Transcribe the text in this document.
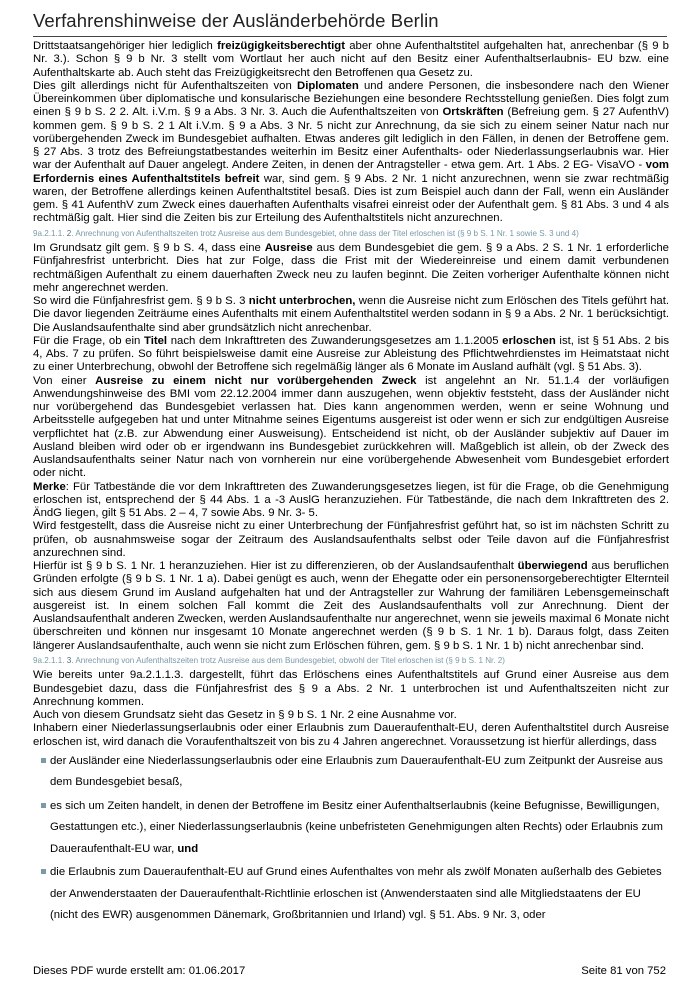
Verfahrenshinweise der Ausländerbehörde Berlin

Drittstaatsangehöriger hier lediglich freizügigkeitsberechtigt aber ohne Aufenthaltstitel aufgehalten hat, anrechenbar (§ 9 b Nr. 3.). Schon § 9 b Nr. 3 stellt vom Wortlaut her auch nicht auf den Besitz einer Aufenthaltserlaubnis- EU bzw. eine Aufenthaltskarte ab. Auch steht das Freizügigkeitsrecht den Betroffenen qua Gesetz zu.

Dies gilt allerdings nicht für Aufenthaltszeiten von Diplomaten und andere Personen, die insbesondere nach den Wiener Übereinkommen über diplomatische und konsularische Beziehungen eine besondere Rechtsstellung genießen. Dies folgt zum einen § 9 b S. 2 2. Alt. i.V.m. § 9 a Abs. 3 Nr. 3. Auch die Aufenthaltszeiten von Ortskräften (Befreiung gem. § 27 AufenthV) kommen gem. § 9 b S. 2 1 Alt i.V.m. § 9 a Abs. 3 Nr. 5 nicht zur Anrechnung, da sie sich zu einem seiner Natur nach nur vorübergehenden Zweck im Bundesgebiet aufhalten. Etwas anderes gilt lediglich in den Fällen, in denen der Betroffene gem. § 27 Abs. 3 trotz des Befreiungstatbestandes weiterhin im Besitz einer Aufenthalts- oder Niederlassungserlaubnis war. Hier war der Aufenthalt auf Dauer angelegt. Andere Zeiten, in denen der Antragsteller - etwa gem. Art. 1 Abs. 2 EG- VisaVO - vom Erfordernis eines Aufenthaltstitels befreit war, sind gem. § 9 Abs. 2 Nr. 1 nicht anzurechnen, wenn sie zwar rechtmäßig waren, der Betroffene allerdings keinen Aufenthaltstitel besaß. Dies ist zum Beispiel auch dann der Fall, wenn ein Ausländer gem. § 41 AufenthV zum Zweck eines dauerhaften Aufenthalts visafrei einreist oder der Aufenthalt gem. § 81 Abs. 3 und 4 als rechtmäßig galt. Hier sind die Zeiten bis zur Erteilung des Aufenthaltstitels nicht anzurechnen.

9a.2.1.1. 2. Anrechnung von Aufenthaltszeiten trotz Ausreise aus dem Bundesgebiet, ohne dass der Titel erloschen ist (§ 9 b S. 1 Nr. 1 sowie S. 3 und 4)

Im Grundsatz gilt gem. § 9 b S. 4, dass eine Ausreise aus dem Bundesgebiet die gem. § 9 a Abs. 2 S. 1 Nr. 1 erforderliche Fünfjahresfrist unterbricht. Dies hat zur Folge, dass die Frist mit der Wiedereinreise und einem damit verbundenen rechtmäßigen Aufenthalt zu einem dauerhaften Zweck neu zu laufen beginnt. Die Zeiten vorheriger Aufenthalte können nicht mehr angerechnet werden.

So wird die Fünfjahresfrist gem. § 9 b S. 3 nicht unterbrochen, wenn die Ausreise nicht zum Erlöschen des Titels geführt hat. Die davor liegenden Zeiträume eines Aufenthalts mit einem Aufenthaltstitel werden sodann in § 9 a Abs. 2 Nr. 1 berücksichtigt. Die Auslandsaufenthalte sind aber grundsätzlich nicht anrechenbar.

Für die Frage, ob ein Titel nach dem Inkrafttreten des Zuwanderungsgesetzes am 1.1.2005 erloschen ist, ist § 51 Abs. 2 bis 4, Abs. 7 zu prüfen. So führt beispielsweise damit eine Ausreise zur Ableistung des Pflichtwehrdienstes im Heimatstaat nicht zu einer Unterbrechung, obwohl der Betroffene sich regelmäßig länger als 6 Monate im Ausland aufhält (vgl. § 51 Abs. 3).

Von einer Ausreise zu einem nicht nur vorübergehenden Zweck ist angelehnt an Nr. 51.1.4 der vorläufigen Anwendungshinweise des BMI vom 22.12.2004 immer dann auszugehen, wenn objektiv feststeht, dass der Ausländer nicht nur vorübergehend das Bundesgebiet verlassen hat. Dies kann angenommen werden, wenn er seine Wohnung und Arbeitsstelle aufgegeben hat und unter Mitnahme seines Eigentums ausgereist ist oder wenn er sich zur endgültigen Ausreise verpflichtet hat (z.B. zur Abwendung einer Ausweisung). Entscheidend ist nicht, ob der Ausländer subjektiv auf Dauer im Ausland bleiben wird oder ob er irgendwann ins Bundesgebiet zurückkehren will. Maßgeblich ist allein, ob der Zweck des Auslandsaufenthalts seiner Natur nach von vornherein nur eine vorübergehende Abwesenheit vom Bundesgebiet erfordert oder nicht.

Merke: Für Tatbestände die vor dem Inkrafttreten des Zuwanderungsgesetzes liegen, ist für die Frage, ob die Genehmigung erloschen ist, entsprechend der § 44 Abs. 1 a -3 AuslG heranzuziehen. Für Tatbestände, die nach dem Inkrafttreten des 2. ÄndG liegen, gilt § 51 Abs. 2 – 4, 7 sowie Abs. 9 Nr. 3- 5.

Wird festgestellt, dass die Ausreise nicht zu einer Unterbrechung der Fünfjahresfrist geführt hat, so ist im nächsten Schritt zu prüfen, ob ausnahmsweise sogar der Zeitraum des Auslandsaufenthalts selbst oder Teile davon auf die Fünfjahresfrist anzurechnen sind.

Hierfür ist § 9 b S. 1 Nr. 1 heranzuziehen. Hier ist zu differenzieren, ob der Auslandsaufenthalt überwiegend aus beruflichen Gründen erfolgte (§ 9 b S. 1 Nr. 1 a). Dabei genügt es auch, wenn der Ehegatte oder ein personensorgeberechtigter Elternteil sich aus diesem Grund im Ausland aufgehalten hat und der Antragsteller zur Wahrung der familiären Lebensgemeinschaft ausgereist ist. In einem solchen Fall kommt die Zeit des Auslandsaufenthalts voll zur Anrechnung. Dient der Auslandsaufenthalt anderen Zwecken, werden Auslandsaufenthalte nur angerechnet, wenn sie jeweils maximal 6 Monate nicht überschreiten und können nur insgesamt 10 Monate angerechnet werden (§ 9 b S. 1 Nr. 1 b). Daraus folgt, dass Zeiten längerer Auslandsaufenthalte, auch wenn sie nicht zum Erlöschen führen, gem. § 9 b S. 1 Nr. 1 b) nicht anrechenbar sind.

9a.2.1.1. 3. Anrechnung von Aufenthaltszeiten trotz Ausreise aus dem Bundesgebiet, obwohl der Titel erloschen ist (§ 9 b S. 1 Nr. 2)

Wie bereits unter 9a.2.1.1.3. dargestellt, führt das Erlöschens eines Aufenthaltstitels auf Grund einer Ausreise aus dem Bundesgebiet dazu, dass die Fünfjahresfrist des § 9 a Abs. 2 Nr. 1 unterbrochen ist und Aufenthaltszeiten nicht zur Anrechnung kommen.

Auch von diesem Grundsatz sieht das Gesetz in § 9 b S. 1 Nr. 2 eine Ausnahme vor.

Inhabern einer Niederlassungserlaubnis oder einer Erlaubnis zum Daueraufenthalt-EU, deren Aufenthaltstitel durch Ausreise erloschen ist, wird danach die Voraufenthaltszeit von bis zu 4 Jahren angerechnet. Voraussetzung ist hierfür allerdings, dass

der Ausländer eine Niederlassungserlaubnis oder eine Erlaubnis zum Daueraufenthalt-EU zum Zeitpunkt der Ausreise aus dem Bundesgebiet besaß,
es sich um Zeiten handelt, in denen der Betroffene im Besitz einer Aufenthaltserlaubnis (keine Befugnisse, Bewilligungen, Gestattungen etc.), einer Niederlassungserlaubnis (keine unbefristeten Genehmigungen alten Rechts) oder Erlaubnis zum Daueraufenthalt-EU war, und
die Erlaubnis zum Daueraufenthalt-EU auf Grund eines Aufenthaltes von mehr als zwölf Monaten außerhalb des Gebietes der Anwenderstaaten der Daueraufenthalt-Richtlinie erloschen ist (Anwenderstaaten sind alle Mitgliedstaatens der EU (nicht des EWR) ausgenommen Dänemark, Großbritannien und Irland) vgl. § 51. Abs. 9 Nr. 3, oder
Dieses PDF wurde erstellt am: 01.06.2017	Seite 81 von 752
